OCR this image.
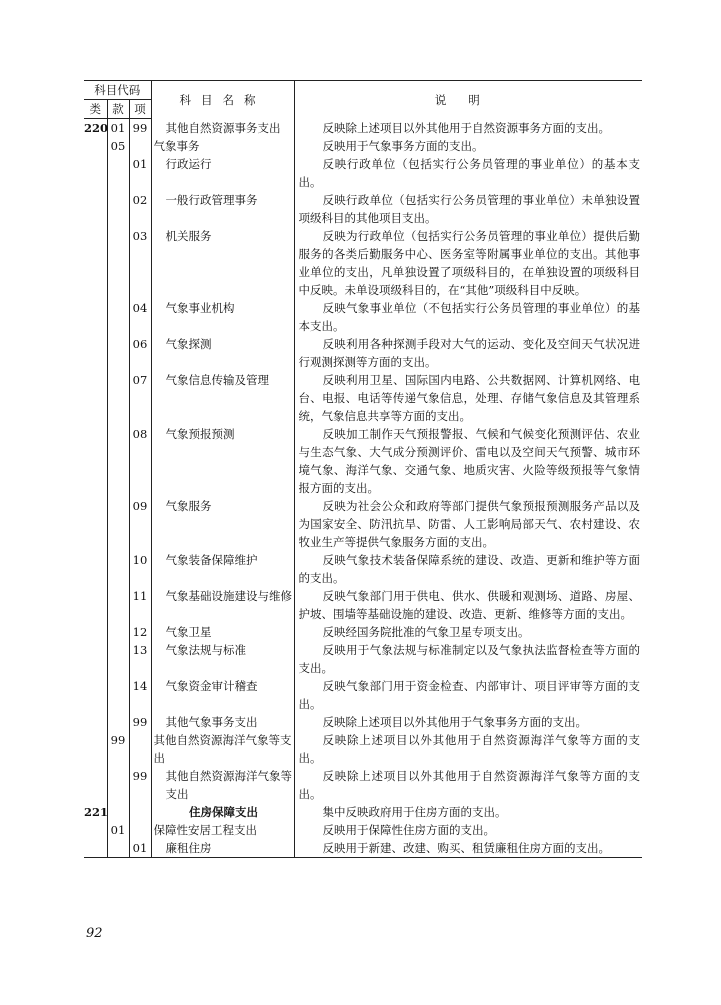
科目代码			科目名称	说明
类	款	项		
220	01	99	其他自然资源事务支出	反映除上述项目以外其他用于自然资源事务方面的支出。
	05		气象事务	反映用于气象事务方面的支出。
		01	行政运行	反映行政单位（包括实行公务员管理的事业单位）的基本支出。
		02	一般行政管理事务	反映行政单位（包括实行公务员管理的事业单位）未单独设置项级科目的其他项目支出。
		03	机关服务	反映为行政单位（包括实行公务员管理的事业单位）提供后勤服务的各类后勤服务中心、医务室等附属事业单位的支出。其他事业单位的支出，凡单独设置了项级科目的，在单独设置的项级科目中反映。未单设项级科目的，在“其他”项级科目中反映。
		04	气象事业机构	反映气象事业单位（不包括实行公务员管理的事业单位）的基本支出。
		06	气象探测	反映利用各种探测手段对大气的运动、变化及空间天气状况进行观测探测等方面的支出。
		07	气象信息传输及管理	反映利用卫星、国际国内电路、公共数据网、计算机网络、电台、电报、电话等传递气象信息，处理、存储气象信息及其管理系统，气象信息共享等方面的支出。
		08	气象预报预测	反映加工制作天气预报警报、气候和气候变化预测评估、农业与生态气象、大气成分预测评价、雷电以及空间天气预警、城市环境气象、海洋气象、交通气象、地质灾害、火险等级预报等气象情报方面的支出。
		09	气象服务	反映为社会公众和政府等部门提供气象预报预测服务产品以及为国家安全、防汛抗旱、防雷、人工影响局部天气、农村建设、农牧业生产等提供气象服务方面的支出。
		10	气象装备保障维护	反映气象技术装备保障系统的建设、改造、更新和维护等方面的支出。
		11	气象基础设施建设与维修	反映气象部门用于供电、供水、供暖和观测场、道路、房屋、护坡、围墙等基础设施的建设、改造、更新、维修等方面的支出。
		12	气象卫星	反映经国务院批准的气象卫星专项支出。
		13	气象法规与标准	反映用于气象法规与标准制定以及气象执法监督检查等方面的支出。
		14	气象资金审计稽查	反映气象部门用于资金检查、内部审计、项目评审等方面的支出。
		99	其他气象事务支出	反映除上述项目以外其他用于气象事务方面的支出。
	99		其他自然资源海洋气象等支出	反映除上述项目以外其他用于自然资源海洋气象等方面的支出。
		99	其他自然资源海洋气象等支出	反映除上述项目以外其他用于自然资源海洋气象等方面的支出。
221			住房保障支出	集中反映政府用于住房方面的支出。
	01		保障性安居工程支出	反映用于保障性住房方面的支出。
		01	廉租住房	反映用于新建、改建、购买、租赁廉租住房方面的支出。
92
